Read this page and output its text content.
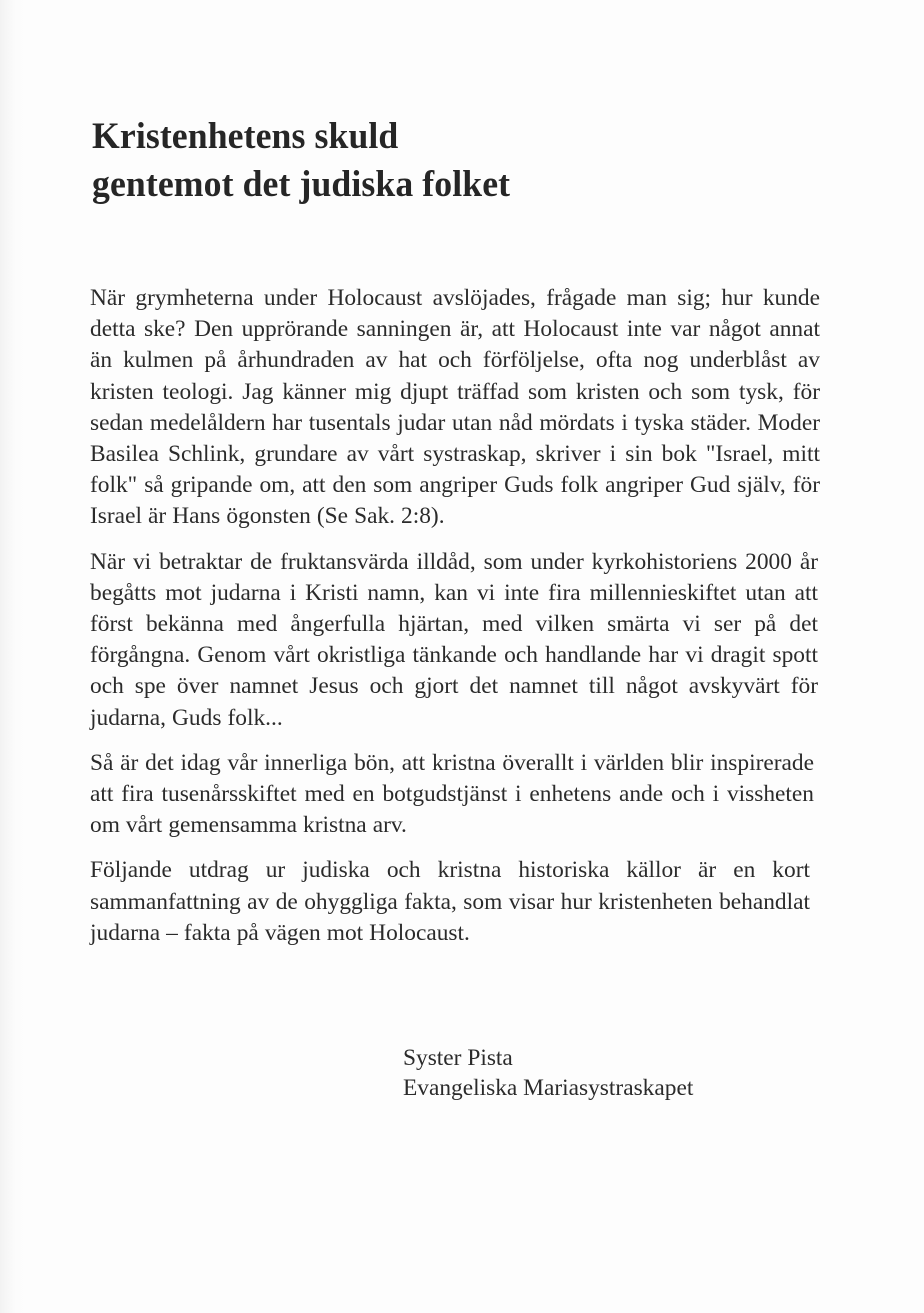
Kristenhetens skuld
gentemot det judiska folket

När grymheterna under Holocaust avslöjades, frågade man sig; hur kunde detta ske? Den upprörande sanningen är, att Holocaust inte var något annat än kulmen på århundraden av hat och förföljelse, ofta nog underblåst av kristen teologi. Jag känner mig djupt träffad som kristen och som tysk, för sedan medelåldern har tusentals judar utan nåd mördats i tyska städer. Moder Basilea Schlink, grundare av vårt systraskap, skriver i sin bok "Israel, mitt folk" så gripande om, att den som angriper Guds folk angriper Gud själv, för Israel är Hans ögonsten (Se Sak. 2:8).

När vi betraktar de fruktansvärda illdåd, som under kyrkohistoriens 2000 år begåtts mot judarna i Kristi namn, kan vi inte fira millennieskiftet utan att först bekänna med ångerfulla hjärtan, med vilken smärta vi ser på det förgångna. Genom vårt okristliga tänkande och handlande har vi dragit spott och spe över namnet Jesus och gjort det namnet till något avskyvärt för judarna, Guds folk...

Så är det idag vår innerliga bön, att kristna överallt i världen blir inspirerade att fira tusenårsskiftet med en botgudstjänst i enhetens ande och i vissheten om vårt gemensamma kristna arv.

Följande utdrag ur judiska och kristna historiska källor är en kort sammanfattning av de ohyggliga fakta, som visar hur kristenheten behandlat judarna – fakta på vägen mot Holocaust.

Syster Pista
Evangeliska Mariasystraskapet
